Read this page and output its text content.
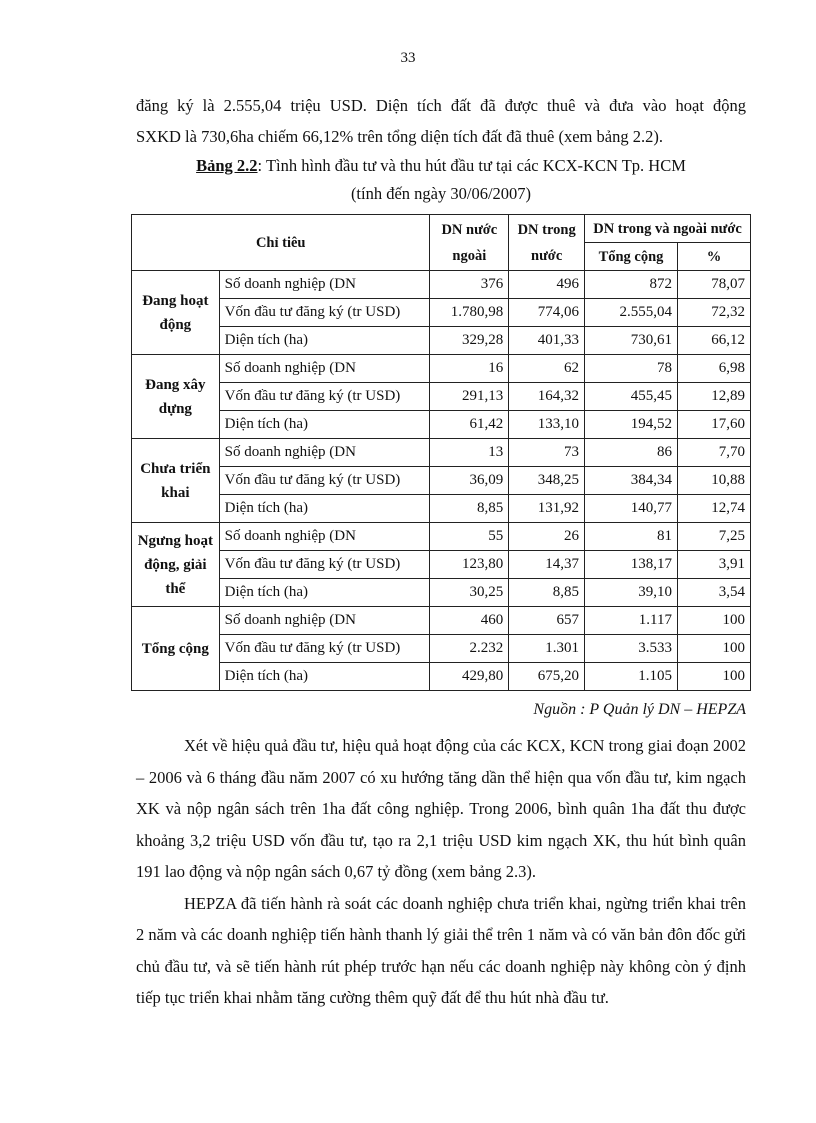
33

đăng ký là 2.555,04 triệu USD. Diện tích đất đã được thuê và đưa vào hoạt động

SXKD là 730,6ha chiếm 66,12% trên tổng diện tích đất đã thuê (xem bảng 2.2).

Bảng 2.2: Tình hình đầu tư và thu hút đầu tư tại các KCX-KCN Tp. HCM
(tính đến ngày 30/06/2007)
Chỉ tiêu		DN nước ngoài	DN trong nước	DN trong và ngoài nước	
				Tổng cộng	%
Đang hoạt động	Số doanh nghiệp (DN	376	496	872	78,07
	Vốn đầu tư đăng ký (tr USD)	1.780,98	774,06	2.555,04	72,32
	Diện tích (ha)	329,28	401,33	730,61	66,12
Đang xây dựng	Số doanh nghiệp (DN	16	62	78	6,98
	Vốn đầu tư đăng ký (tr USD)	291,13	164,32	455,45	12,89
	Diện tích (ha)	61,42	133,10	194,52	17,60
Chưa triển khai	Số doanh nghiệp (DN	13	73	86	7,70
	Vốn đầu tư đăng ký (tr USD)	36,09	348,25	384,34	10,88
	Diện tích (ha)	8,85	131,92	140,77	12,74
Ngưng hoạt động, giải thể	Số doanh nghiệp (DN	55	26	81	7,25
	Vốn đầu tư đăng ký (tr USD)	123,80	14,37	138,17	3,91
	Diện tích (ha)	30,25	8,85	39,10	3,54
Tổng cộng	Số doanh nghiệp (DN	460	657	1.117	100
	Vốn đầu tư đăng ký (tr USD)	2.232	1.301	3.533	100
	Diện tích (ha)	429,80	675,20	1.105	100
Nguồn : P Quản lý DN – HEPZA

Xét về hiệu quả đầu tư, hiệu quả hoạt động của các KCX, KCN trong giai đoạn 2002 – 2006 và 6 tháng đầu năm 2007 có xu hướng tăng dần thể hiện qua vốn đầu tư, kim ngạch XK và nộp ngân sách trên 1ha đất công nghiệp. Trong 2006, bình quân 1ha đất thu được khoảng 3,2 triệu USD vốn đầu tư, tạo ra 2,1 triệu USD kim ngạch XK, thu hút bình quân 191 lao động và nộp ngân sách 0,67 tỷ đồng (xem bảng 2.3).

HEPZA đã tiến hành rà soát các doanh nghiệp chưa triển khai, ngừng triển khai trên 2 năm và các doanh nghiệp tiến hành thanh lý giải thể trên 1 năm và có văn bản đôn đốc gửi chủ đầu tư, và sẽ tiến hành rút phép trước hạn nếu các doanh nghiệp này không còn ý định tiếp tục triển khai nhằm tăng cường thêm quỹ đất để thu hút nhà đầu tư.
